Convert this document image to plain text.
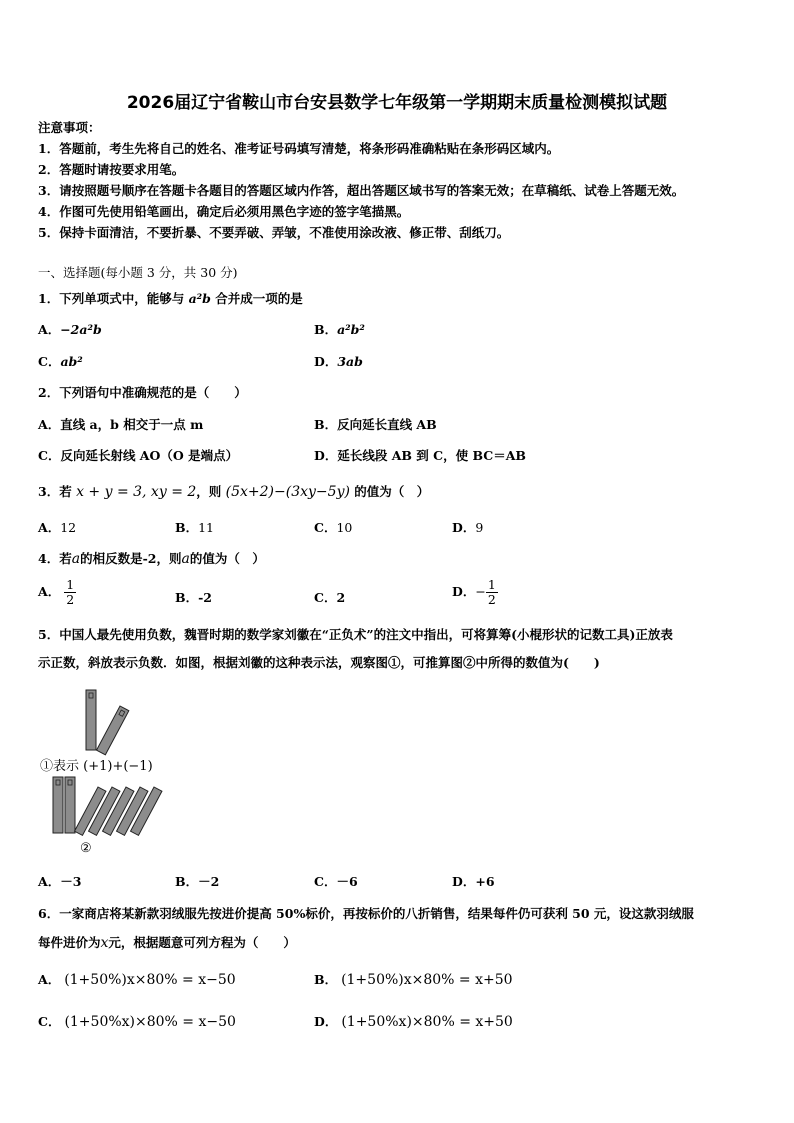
2026届辽宁省鞍山市台安县数学七年级第一学期期末质量检测模拟试题
注意事项：
1．答题前，考生先将自己的姓名、准考证号码填写清楚，将条形码准确粘贴在条形码区域内。
2．答题时请按要求用笔。
3．请按照题号顺序在答题卡各题目的答题区域内作答，超出答题区域书写的答案无效；在草稿纸、试卷上答题无效。
4．作图可先使用铅笔画出，确定后必须用黑色字迹的签字笔描黑。
5．保持卡面清洁，不要折暴、不要弄破、弄皱，不准使用涂改液、修正带、刮纸刀。
一、选择题(每小题 3 分，共 30 分)
1．下列单项式中，能够与 a²b 合并成一项的是
A．−2a²b	B．a²b²
C．ab²	D．3ab
2．下列语句中准确规范的是（　　）
A．直线 a，b 相交于一点 m	B．反向延长直线 AB
C．反向延长射线 AO（O 是端点）	D．延长线段 AB 到 C，使 BC＝AB
3．若 x + y = 3, xy = 2，则 (5x+2)−(3xy−5y) 的值为（　）
A．12	B．11	C．10	D．9
4．若a的相反数是-2，则a的值为（　）
A． $\frac{1}{2}$	B．-2	C．2	D．− $\frac{1}{2}$
5．中国人最先使用负数，魏晋时期的数学家刘徽在“正负术”的注文中指出，可将算筹(小棍形状的记数工具)正放表
示正数，斜放表示负数．如图，根据刘徽的这种表示法，观察图①，可推算图②中所得的数值为(　　)
①表示 (+1)+(−1)
②
A．－3	B．－2	C．－6	D．+6
6．一家商店将某新款羽绒服先按进价提高 50%标价，再按标价的八折销售，结果每件仍可获利 50 元，设这款羽绒服
每件进价为x元，根据题意可列方程为（　　）
A． (1+50%)x×80% = x−50	B． (1+50%)x×80% = x+50
C． (1+50%x)×80% = x−50	D． (1+50%x)×80% = x+50
